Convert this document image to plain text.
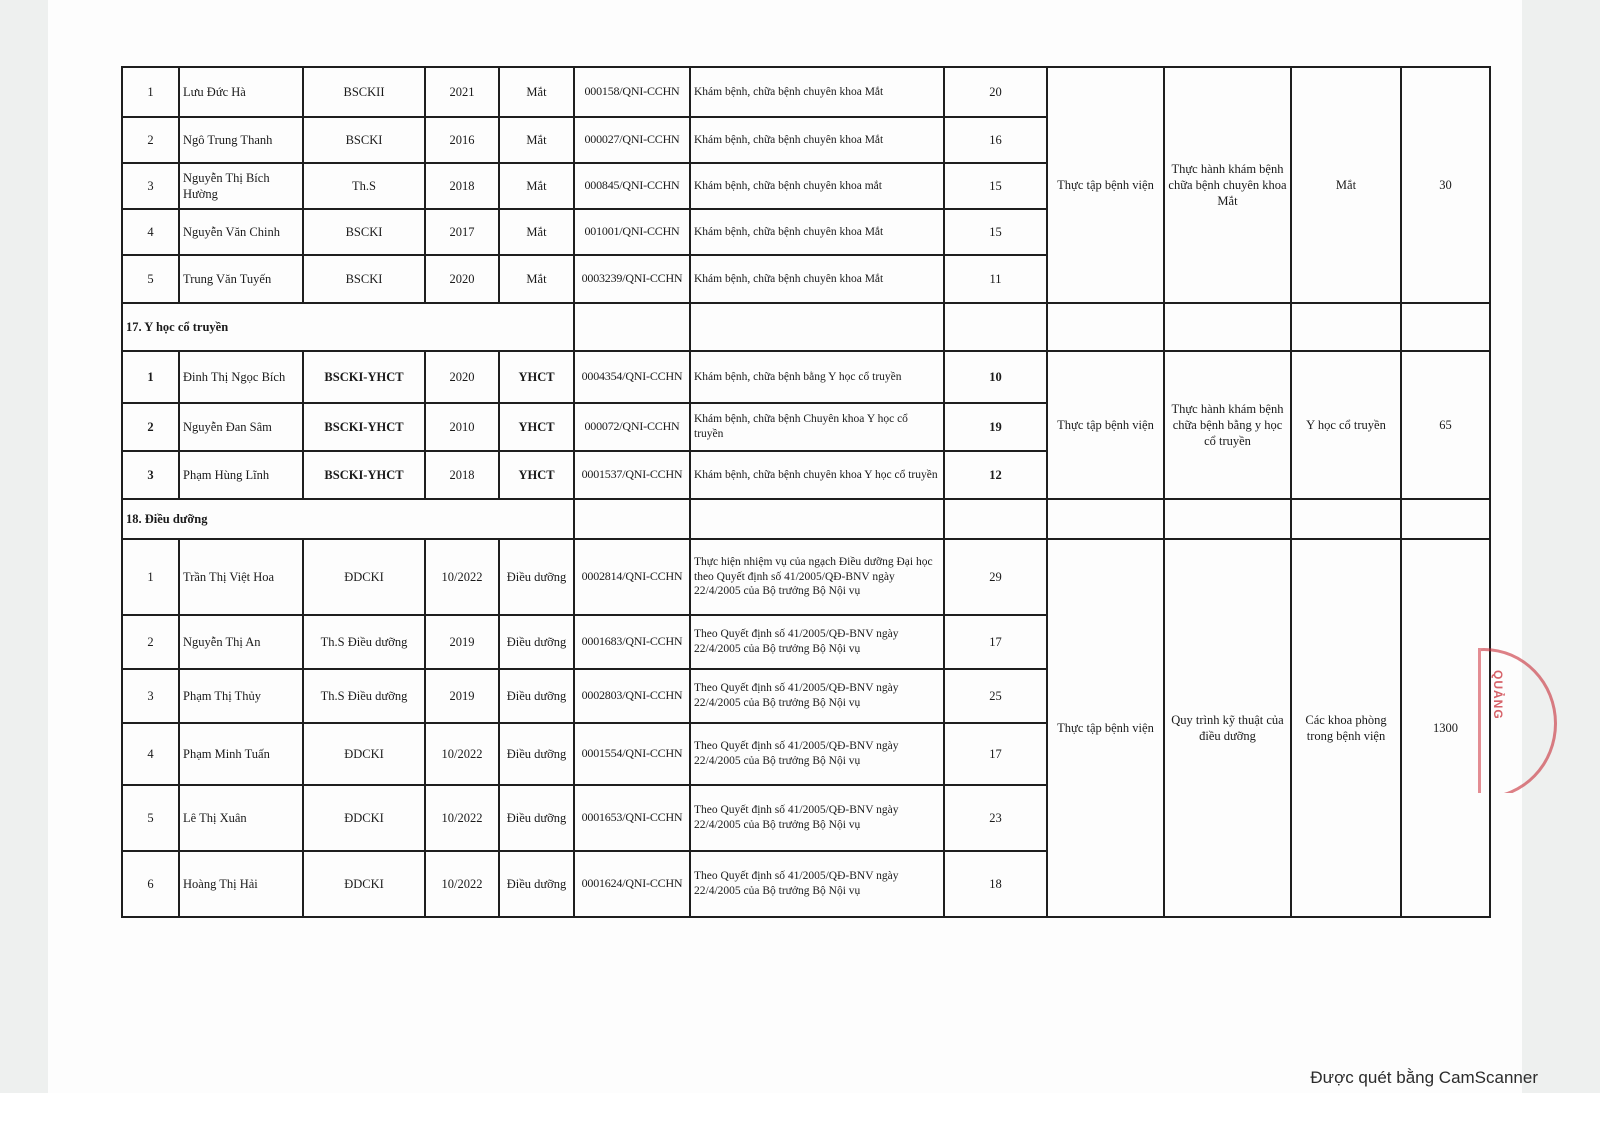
1	Lưu Đức Hà	BSCKII	2021	Mắt	000158/QNI-CCHN	Khám bệnh, chữa bệnh chuyên khoa Mắt	20	Thực tập bệnh viện	Thực hành khám bệnh chữa bệnh chuyên khoa Mắt	Mắt	30
2	Ngô Trung Thanh	BSCKI	2016	Mắt	000027/QNI-CCHN	Khám bệnh, chữa bệnh chuyên khoa Mắt	16				
3	Nguyễn Thị Bích Hường	Th.S	2018	Mắt	000845/QNI-CCHN	Khám bệnh, chữa bệnh chuyên khoa mắt	15				
4	Nguyễn Văn Chinh	BSCKI	2017	Mắt	001001/QNI-CCHN	Khám bệnh, chữa bệnh chuyên khoa Mắt	15				
5	Trung Văn Tuyến	BSCKI	2020	Mắt	0003239/QNI-CCHN	Khám bệnh, chữa bệnh chuyên khoa Mắt	11				
17. Y học cổ truyền											
1	Đinh Thị Ngọc Bích	BSCKI-YHCT	2020	YHCT	0004354/QNI-CCHN	Khám bệnh, chữa bệnh bằng Y học cổ truyền	10	Thực tập bệnh viện	Thực hành khám bệnh chữa bệnh bằng y học cổ truyền	Y học cổ truyền	65
2	Nguyễn Đan Sâm	BSCKI-YHCT	2010	YHCT	000072/QNI-CCHN	Khám bệnh, chữa bệnh Chuyên khoa Y học cổ truyền	19				
3	Phạm Hùng Lĩnh	BSCKI-YHCT	2018	YHCT	0001537/QNI-CCHN	Khám bệnh, chữa bệnh chuyên khoa Y học cổ truyền	12				
18. Điều dưỡng											
1	Trần Thị Việt Hoa	ĐDCKI	10/2022	Điều dưỡng	0002814/QNI-CCHN	Thực hiện nhiệm vụ của ngạch Điều dưỡng Đại học theo Quyết định số 41/2005/QĐ-BNV ngày 22/4/2005 của Bộ trưởng Bộ Nội vụ	29	Thực tập bệnh viện	Quy trình kỹ thuật của điều dưỡng	Các khoa phòng trong bệnh viện	1300
2	Nguyễn Thị An	Th.S Điều dưỡng	2019	Điều dưỡng	0001683/QNI-CCHN	Theo Quyết định số 41/2005/QĐ-BNV ngày 22/4/2005 của Bộ trưởng Bộ Nội vụ	17				
3	Phạm Thị Thủy	Th.S Điều dưỡng	2019	Điều dưỡng	0002803/QNI-CCHN	Theo Quyết định số 41/2005/QĐ-BNV ngày 22/4/2005 của Bộ trưởng Bộ Nội vụ	25				
4	Phạm Minh Tuấn	ĐDCKI	10/2022	Điều dưỡng	0001554/QNI-CCHN	Theo Quyết định số 41/2005/QĐ-BNV ngày 22/4/2005 của Bộ trưởng Bộ Nội vụ	17				
5	Lê Thị Xuân	ĐDCKI	10/2022	Điều dưỡng	0001653/QNI-CCHN	Theo Quyết định số 41/2005/QĐ-BNV ngày 22/4/2005 của Bộ trưởng Bộ Nội vụ	23				
6	Hoàng Thị Hải	ĐDCKI	10/2022	Điều dưỡng	0001624/QNI-CCHN	Theo Quyết định số 41/2005/QĐ-BNV ngày 22/4/2005 của Bộ trưởng Bộ Nội vụ	18				
QUẢNG
Được quét bằng CamScanner
